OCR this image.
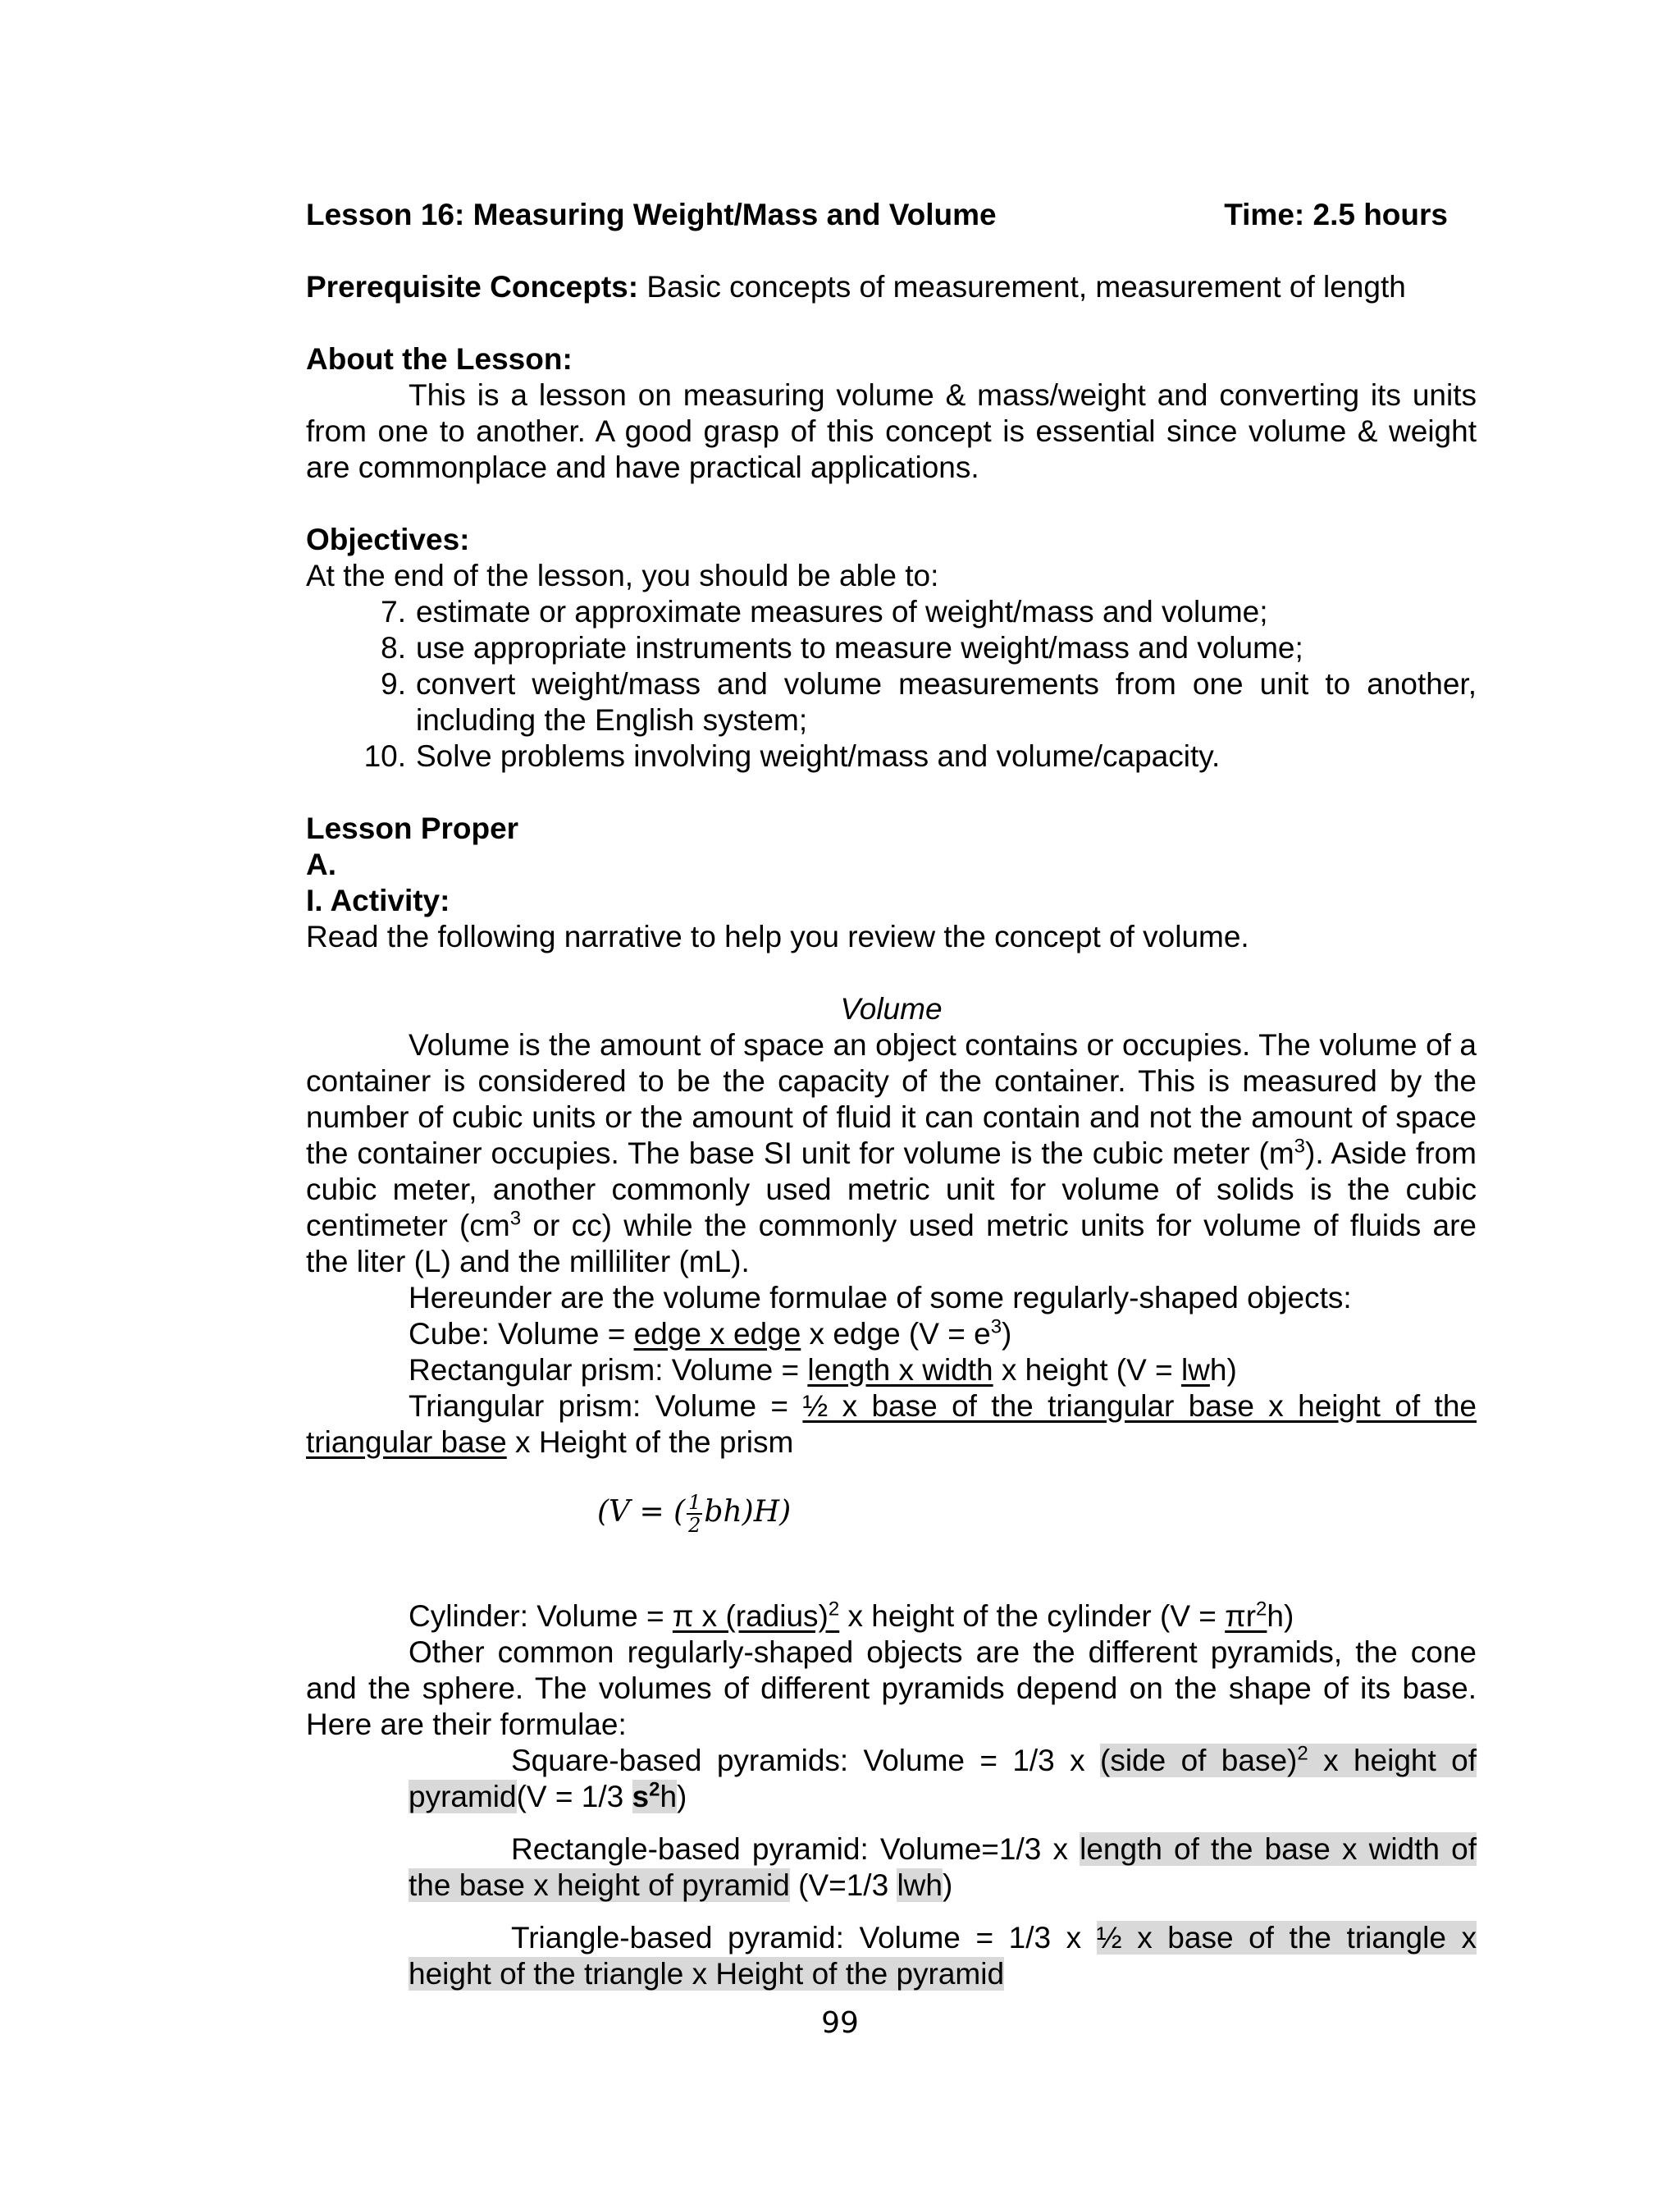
Lesson 16: Measuring Weight/Mass and Volume	Time: 2.5 hours

Prerequisite Concepts: Basic concepts of measurement, measurement of length

About the Lesson:

This is a lesson on measuring volume & mass/weight and converting its units from one to another. A good grasp of this concept is essential since volume & weight are commonplace and have practical applications.

Objectives:

At the end of the lesson, you should be able to:

7. estimate or approximate measures of weight/mass and volume;
8. use appropriate instruments to measure weight/mass and volume;
9. convert weight/mass and volume measurements from one unit to another, including the English system;
10. Solve problems involving weight/mass and volume/capacity.

Lesson Proper

A.

I. Activity:

Read the following narrative to help you review the concept of volume.

Volume

Volume is the amount of space an object contains or occupies. The volume of a container is considered to be the capacity of the container. This is measured by the number of cubic units or the amount of fluid it can contain and not the amount of space the container occupies. The base SI unit for volume is the cubic meter $(m^3)$. Aside from cubic meter, another commonly used metric unit for volume of solids is the cubic centimeter ($cm^3$ or cc) while the commonly used metric units for volume of fluids are the liter (L) and the milliliter (mL).

Hereunder are the volume formulae of some regularly-shaped objects:

Cube: Volume = edge x edge x edge $(V = e^3)$

Rectangular prism: Volume = length x width x height (V = lwh)

Triangular prism: Volume = ½ x base of the triangular base x height of the triangular base x Height of the prism

(V = ( $\frac{1}{2} bh)H$)

Cylinder: Volume = π x (radius)$^2$ x height of the cylinder $(V = \pi r^2h)$

Other common regularly-shaped objects are the different pyramids, the cone and the sphere. The volumes of different pyramids depend on the shape of its base. Here are their formulae:

Square-based pyramids: Volume = 1/3 x (side of base)$^2$ x height of pyramid(V = 1/3 $s^2h$)

Rectangle-based pyramid: Volume=1/3 x length of the base x width of the base x height of pyramid (V=1/3 lwh)

Triangle-based pyramid: Volume = 1/3 x ½ x base of the triangle x height of the triangle x Height of the pyramid

99
